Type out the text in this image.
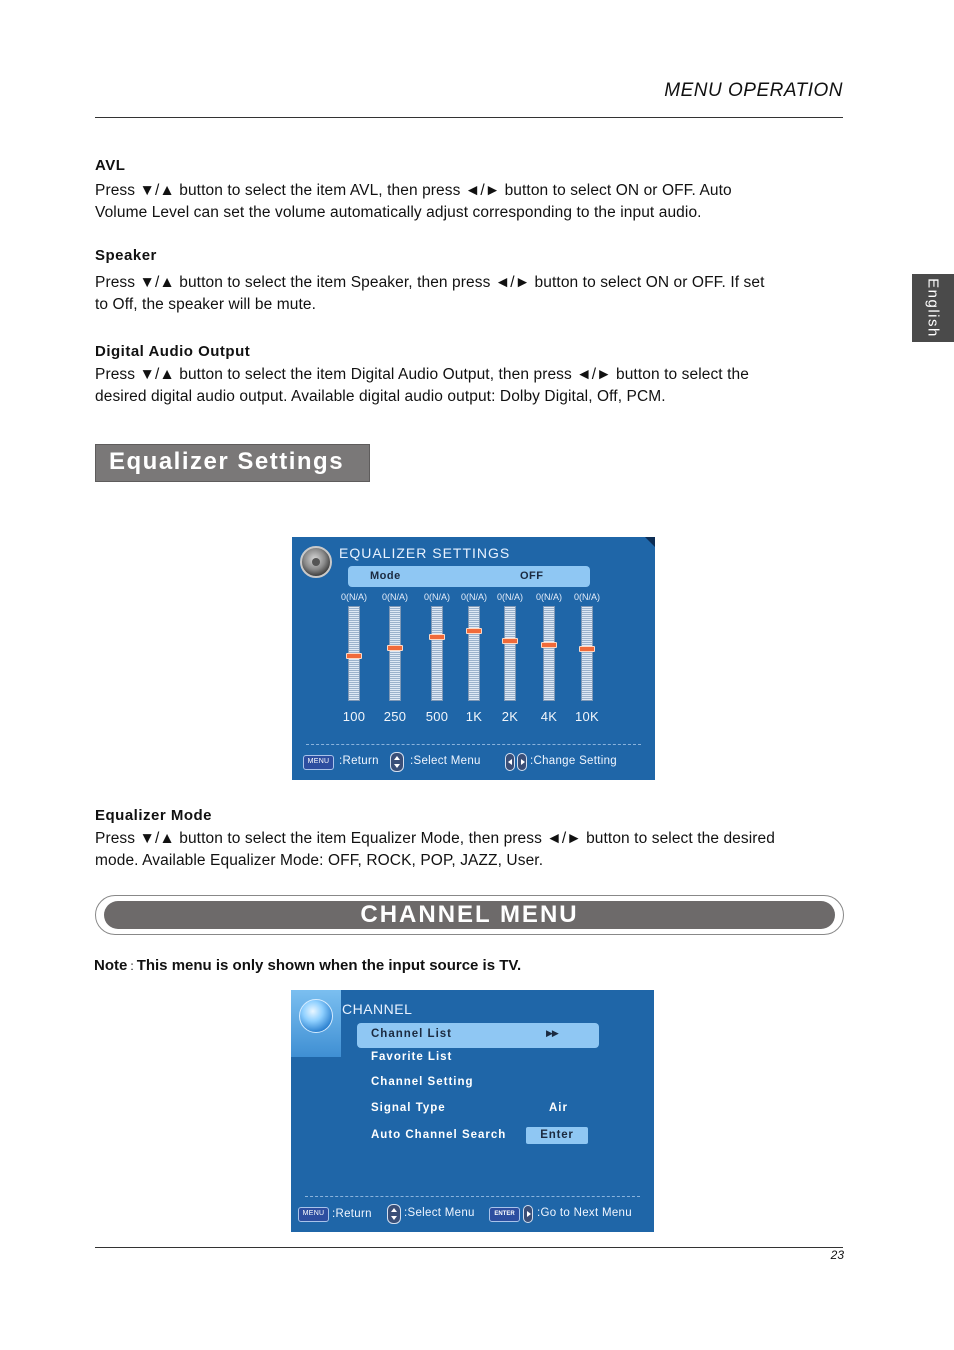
MENU OPERATION
English
AVL
Press ▼/▲ button to select the item AVL, then press ◄/► button to select ON or OFF. Auto
Volume Level can set the volume automatically adjust corresponding to the input audio.
Speaker
Press ▼/▲ button to select the item Speaker, then press ◄/► button to select ON or OFF. If set
to Off, the speaker will be mute.
Digital Audio Output
Press ▼/▲ button to select the item Digital Audio Output, then press ◄/► button to select the
desired digital audio output. Available digital audio output: Dolby Digital, Off, PCM.
Equalizer Settings
EQUALIZER SETTINGS
Mode	OFF
0(N/A)
100
0(N/A)
250
0(N/A)
500
0(N/A)
1K
0(N/A)
2K
0(N/A)
4K
0(N/A)
10K
MENU :Return	:Select Menu	:Change Setting
Equalizer Mode
Press ▼/▲ button to select the item Equalizer Mode, then press ◄/► button to select the desired
mode. Available Equalizer Mode: OFF, ROCK, POP, JAZZ, User.
CHANNEL MENU
Note : This menu is only shown when the input source is TV.
CHANNEL
Channel List	▶▶
Favorite List
Channel Setting
Signal Type	Air
Auto Channel Search	Enter
MENU :Return	:Select Menu	ENTER	:Go to Next Menu
23
